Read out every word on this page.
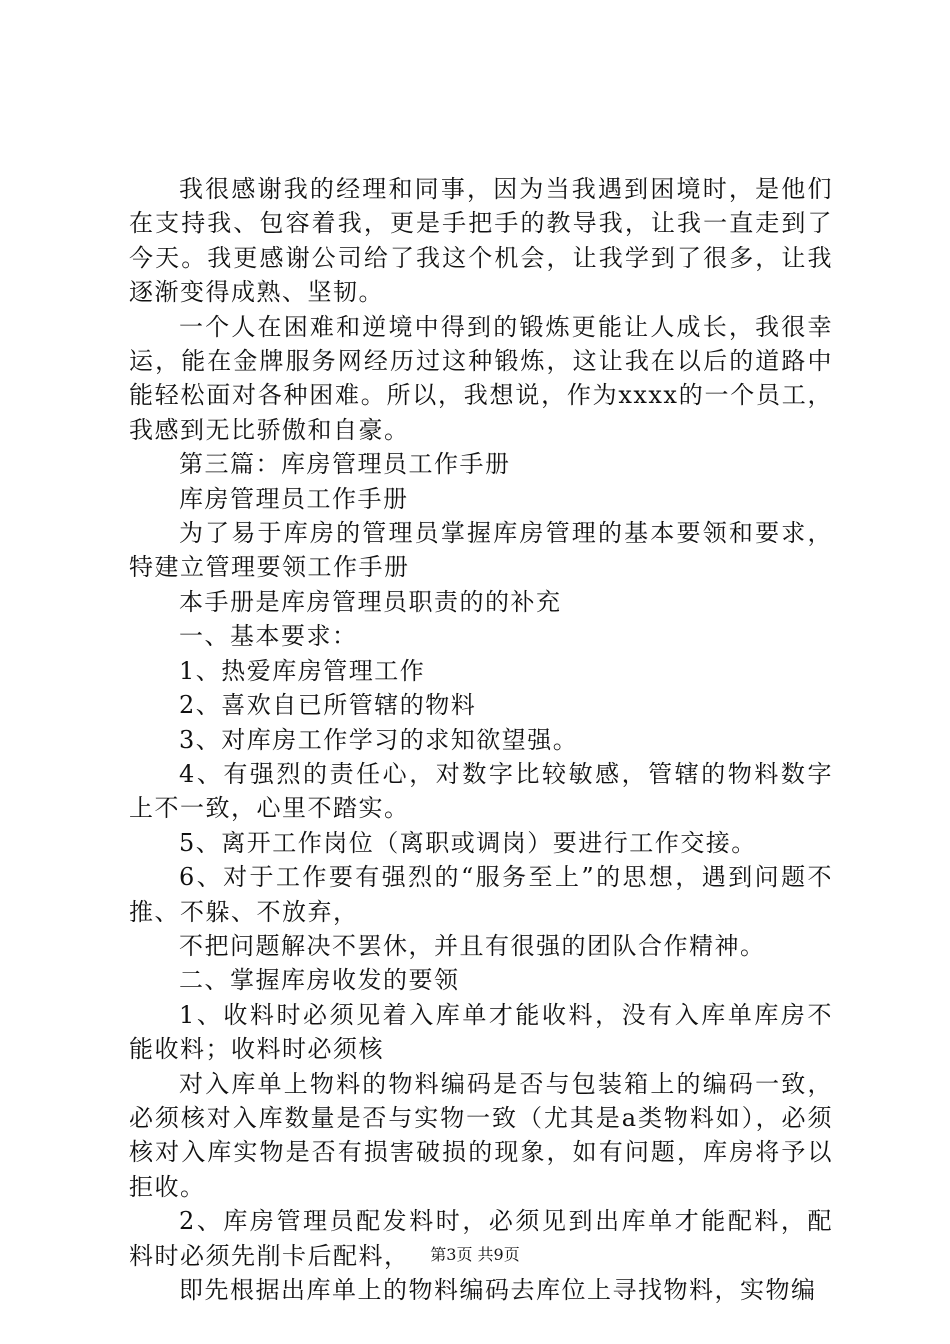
我很感谢我的经理和同事，因为当我遇到困境时，是他们在支持我、包容着我，更是手把手的教导我，让我一直走到了今天。我更感谢公司给了我这个机会，让我学到了很多，让我逐渐变得成熟、坚韧。

一个人在困难和逆境中得到的锻炼更能让人成长，我很幸运，能在金牌服务网经历过这种锻炼，这让我在以后的道路中能轻松面对各种困难。所以，我想说，作为xxxx的一个员工，我感到无比骄傲和自豪。

第三篇：库房管理员工作手册

库房管理员工作手册

为了易于库房的管理员掌握库房管理的基本要领和要求，特建立管理要领工作手册

本手册是库房管理员职责的的补充

一、基本要求：

1、热爱库房管理工作

2、喜欢自已所管辖的物料

3、对库房工作学习的求知欲望强。

4、有强烈的责任心，对数字比较敏感，管辖的物料数字上不一致，心里不踏实。

5、离开工作岗位（离职或调岗）要进行工作交接。

6、对于工作要有强烈的“服务至上”的思想，遇到问题不推、不躲、不放弃，

不把问题解决不罢休，并且有很强的团队合作精神。

二、掌握库房收发的要领

1、收料时必须见着入库单才能收料，没有入库单库房不能收料；收料时必须核

对入库单上物料的物料编码是否与包装箱上的编码一致，必须核对入库数量是否与实物一致（尤其是a类物料如），必须核对入库实物是否有损害破损的现象，如有问题，库房将予以拒收。

2、库房管理员配发料时，必须见到出库单才能配料，配料时必须先削卡后配料，

即先根据出库单上的物料编码去库位上寻找物料，实物编

第3页 共9页
